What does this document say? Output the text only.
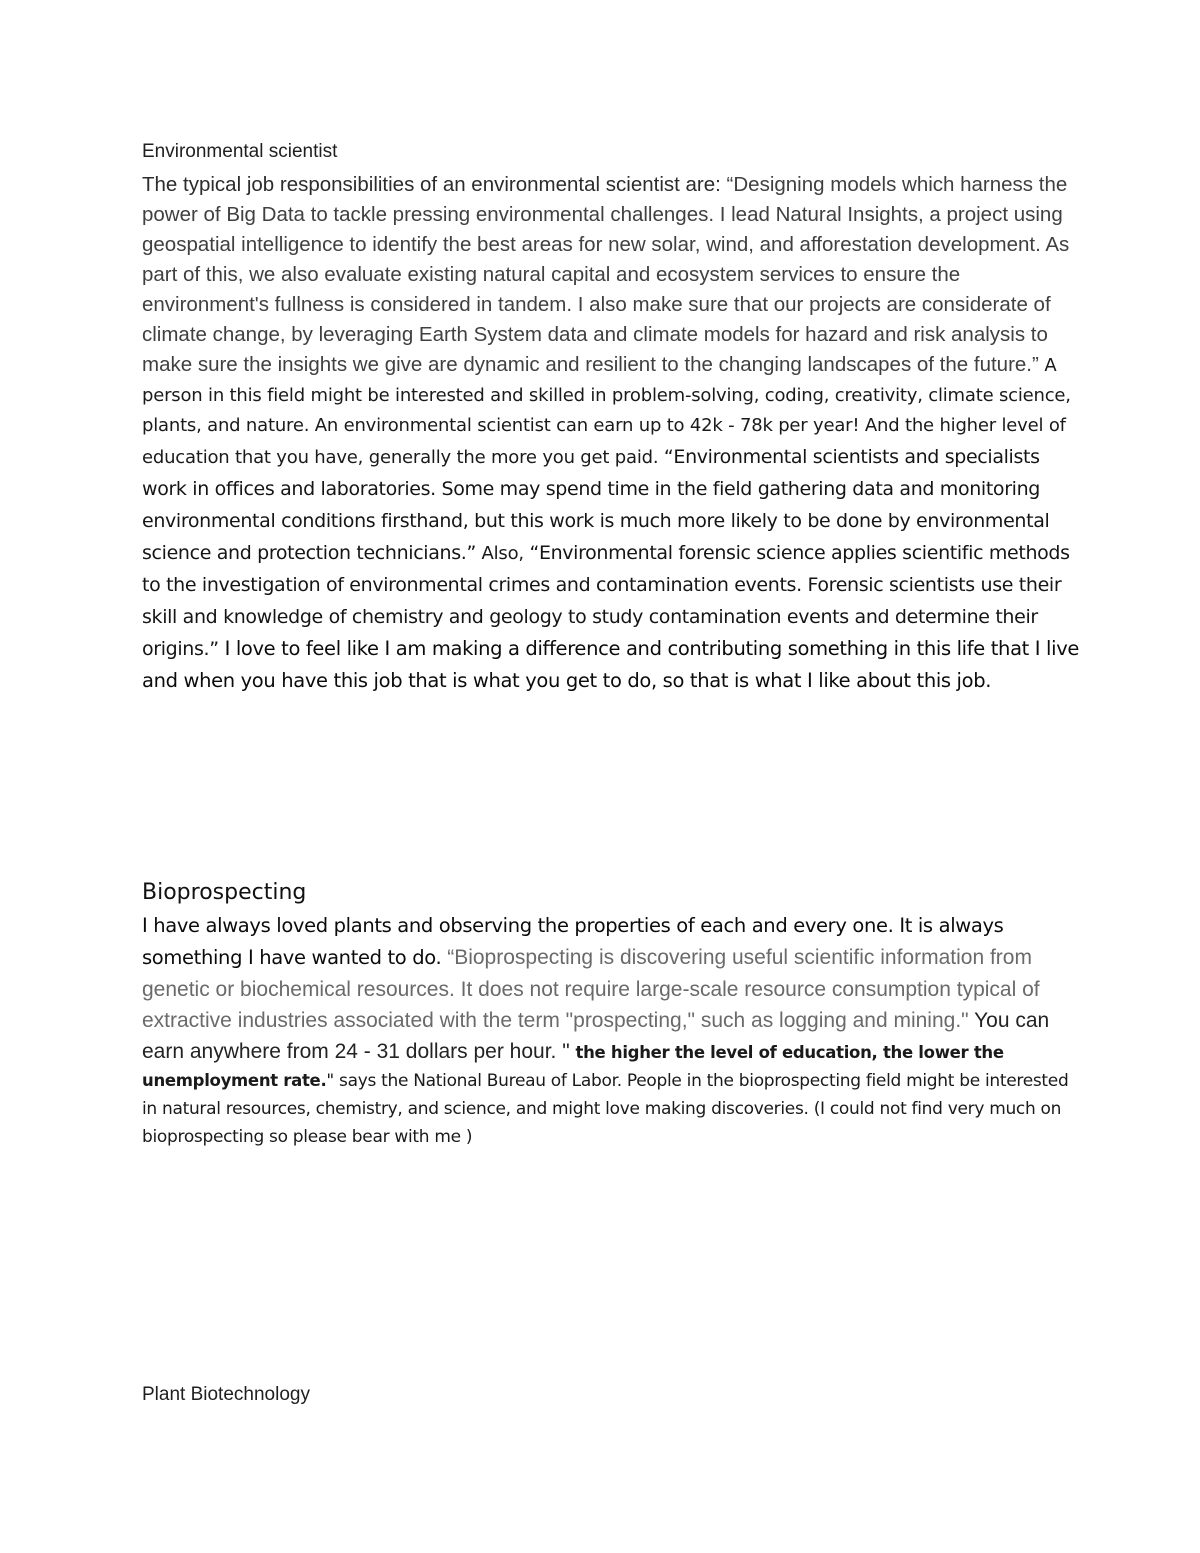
Environmental scientist

The typical job responsibilities of an environmental scientist are: “Designing models which harness the power of Big Data to tackle pressing environmental challenges. I lead Natural Insights, a project using geospatial intelligence to identify the best areas for new solar, wind, and afforestation development. As part of this, we also evaluate existing natural capital and ecosystem services to ensure the environment's fullness is considered in tandem. I also make sure that our projects are considerate of climate change, by leveraging Earth System data and climate models for hazard and risk analysis to make sure the insights we give are dynamic and resilient to the changing landscapes of the future.” A person in this field might be interested and skilled in problem-solving, coding, creativity, climate science, plants, and nature. An environmental scientist can earn up to 42k - 78k per year! And the higher level of education that you have, generally the more you get paid. “Environmental scientists and specialists work in offices and laboratories. Some may spend time in the field gathering data and monitoring environmental conditions firsthand, but this work is much more likely to be done by environmental science and protection technicians.” Also, “Environmental forensic science applies scientific methods to the investigation of environmental crimes and contamination events. Forensic scientists use their skill and knowledge of chemistry and geology to study contamination events and determine their origins.” I love to feel like I am making a difference and contributing something in this life that I live and when you have this job that is what you get to do, so that is what I like about this job.

Bioprospecting

I have always loved plants and observing the properties of each and every one. It is always something I have wanted to do. “Bioprospecting is discovering useful scientific information from genetic or biochemical resources. It does not require large-scale resource consumption typical of extractive industries associated with the term "prospecting," such as logging and mining." You can earn anywhere from 24 - 31 dollars per hour. " the higher the level of education, the lower the unemployment rate." says the National Bureau of Labor. People in the bioprospecting field might be interested in natural resources, chemistry, and science, and might love making discoveries. (I could not find very much on bioprospecting so please bear with me )

Plant Biotechnology
